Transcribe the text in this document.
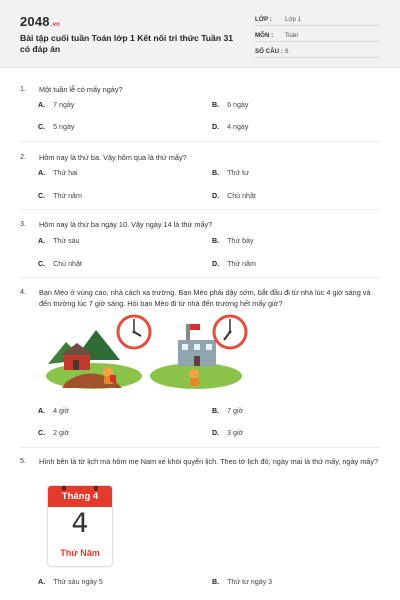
2048.vn
Bài tập cuối tuần Toán lớp 1 Kết nối tri thức Tuần 31 có đáp án
LỚP : Lớp 1
MÔN : Toán
SỐ CÂU : 8
1. Một tuần lễ có mấy ngày?
A. 7 ngày	B. 6 ngày
C. 5 ngày	D. 4 ngày
2. Hôm nay là thứ ba. Vậy hôm qua là thứ mấy?
A. Thứ hai	B. Thứ tư
C. Thứ năm	D. Chủ nhật
3. Hôm nay là thứ ba ngày 10. Vậy ngày 14 là thứ mấy?
A. Thứ sáu	B. Thứ bảy
C. Chủ nhật	D. Thứ năm
4. Bạn Mèo ở vùng cao, nhà cách xa trường. Bạn Mèo phải dậy sớm, bắt đầu đi từ nhà lúc 4 giờ sáng và đến trường lúc 7 giờ sáng. Hỏi bạn Mèo đi từ nhà đến trường hết mấy giờ?
A. 4 giờ	B. 7 giờ
C. 2 giờ	D. 3 giờ
5. Hình bên là tờ lịch mà hôm mẹ Nam xé khỏi quyển lịch. Theo tờ lịch đó, ngày mai là thứ mấy, ngày mấy?
Tháng 4
4
Thứ Năm
A. Thứ sáu ngày 5	B. Thứ tư ngày 3
